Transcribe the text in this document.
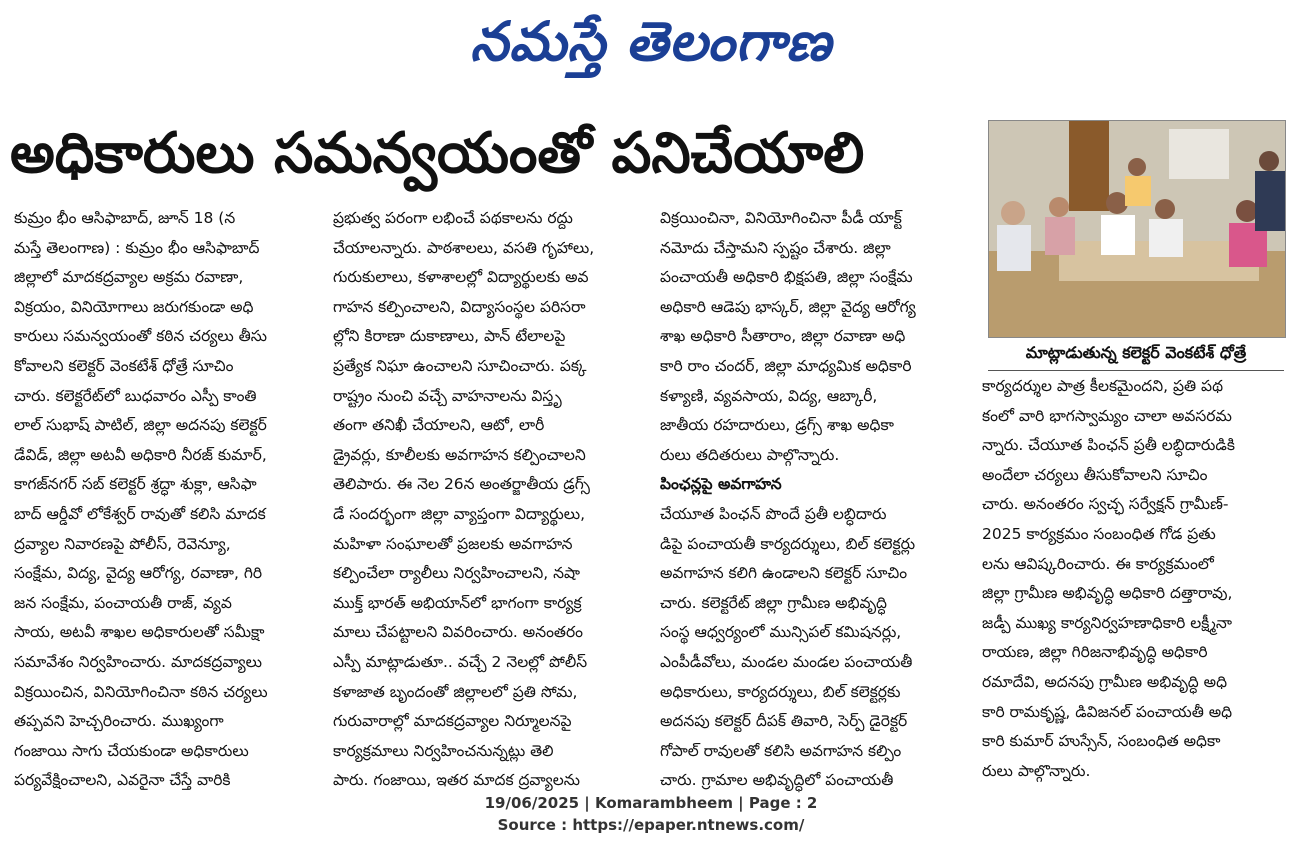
నమస్తే తెలంగాణ
అధికారులు సమన్వయంతో పనిచేయాలి
కుమ్రం భీం ఆసిఫాబాద్, జూన్ 18 (న
మస్తే తెలంగాణ) : కుమ్రం భీం ఆసిఫాబాద్
జిల్లాలో మాదకద్రవ్యాల అక్రమ రవాణా,
విక్రయం, వినియోగాలు జరుగకుండా అధి
కారులు సమన్వయంతో కఠిన చర్యలు తీసు
కోవాలని కలెక్టర్ వెంకటేశ్ ధోత్రే సూచిం
చారు. కలెక్టరేట్‌లో బుధవారం ఎస్పీ కాంతి
లాల్ సుభాష్ పాటిల్, జిల్లా అదనపు కలెక్టర్
డేవిడ్, జిల్లా అటవీ అధికారి నీరజ్ కుమార్,
కాగజ్‌నగర్ సబ్ కలెక్టర్ శ్రద్ధా శుక్లా, ఆసిఫా
బాద్ ఆర్డీవో లోకేశ్వర్ రావుతో కలిసి మాదక
ద్రవ్యాల నివారణపై పోలీస్, రెవెన్యూ,
సంక్షేమ, విద్య, వైద్య ఆరోగ్య, రవాణా, గిరి
జన సంక్షేమ, పంచాయతీ రాజ్, వ్యవ
సాయ, అటవీ శాఖల అధికారులతో సమీక్షా
సమావేశం నిర్వహించారు. మాదకద్రవ్యాలు
విక్రయించిన, వినియోగించినా కఠిన చర్యలు
తప్పవని హెచ్చరించారు. ముఖ్యంగా
గంజాయి సాగు చేయకుండా అధికారులు
పర్యవేక్షించాలని, ఎవరైనా చేస్తే వారికి
ప్రభుత్వ పరంగా లభించే పథకాలను రద్దు
చేయాలన్నారు. పాఠశాలలు, వసతి గృహాలు,
గురుకులాలు, కళాశాలల్లో విద్యార్థులకు అవ
గాహన కల్పించాలని, విద్యాసంస్థల పరిసరా
ల్లోని కిరాణా దుకాణాలు, పాన్ టేలాలపై
ప్రత్యేక నిఘా ఉంచాలని సూచించారు. పక్క
రాష్ట్రం నుంచి వచ్చే వాహనాలను విస్తృ
తంగా తనిఖీ చేయాలని, ఆటో, లారీ
డ్రైవర్లు, కూలీలకు అవగాహన కల్పించాలని
తెలిపారు. ఈ నెల 26న అంతర్జాతీయ డ్రగ్స్
డే సందర్భంగా జిల్లా వ్యాప్తంగా విద్యార్థులు,
మహిళా సంఘాలతో ప్రజలకు అవగాహన
కల్పించేలా ర్యాలీలు నిర్వహించాలని, నషా
ముక్త్ భారత్ అభియాన్‌లో భాగంగా కార్యక్ర
మాలు చేపట్టాలని వివరించారు. అనంతరం
ఎస్పీ మాట్లాడుతూ.. వచ్చే 2 నెలల్లో పోలీస్
కళాజాత బృందంతో జిల్లాలలో ప్రతి సోమ,
గురువారాల్లో మాదకద్రవ్యాల నిర్మూలనపై
కార్యక్రమాలు నిర్వహించనున్నట్లు తెలి
పారు. గంజాయి, ఇతర మాదక ద్రవ్యాలను
విక్రయించినా, వినియోగించినా పీడీ యాక్ట్
నమోదు చేస్తామని స్పష్టం చేశారు. జిల్లా
పంచాయతీ అధికారి భిక్షపతి, జిల్లా సంక్షేమ
అధికారి ఆడెపు భాస్కర్, జిల్లా వైద్య ఆరోగ్య
శాఖ అధికారి సీతారాం, జిల్లా రవాణా అధి
కారి రాం చందర్, జిల్లా మాధ్యమిక అధికారి
కళ్యాణి, వ్యవసాయ, విద్య, ఆబ్కారీ,
జాతీయ రహదారులు, డ్రగ్స్ శాఖ అధికా
రులు తదితరులు పాల్గొన్నారు.
పింఛన్లపై అవగాహన
చేయూత పింఛన్ పొందే ప్రతీ లబ్ధిదారు
డిపై పంచాయతీ కార్యదర్శులు, బిల్ కలెక్టర్లు
అవగాహన కలిగి ఉండాలని కలెక్టర్ సూచిం
చారు. కలెక్టరేట్ జిల్లా గ్రామీణ అభివృద్ధి
సంస్థ ఆధ్వర్యంలో మున్సిపల్ కమిషనర్లు,
ఎంపీడీవోలు, మండల మండల పంచాయతీ
అధికారులు, కార్యదర్శులు, బిల్ కలెక్టర్లకు
అదనపు కలెక్టర్ దీపక్ తివారి, సెర్ప్ డైరెక్టర్
గోపాల్ రావులతో కలిసి అవగాహన కల్పిం
చారు. గ్రామాల అభివృద్ధిలో పంచాయతీ
మాట్లాడుతున్న కలెక్టర్ వెంకటేశ్ ధోత్రే
కార్యదర్శుల పాత్ర కీలకమైందని, ప్రతి పథ
కంలో వారి భాగస్వామ్యం చాలా అవసరమ
న్నారు. చేయూత పింఛన్ ప్రతీ లబ్ధిదారుడికి
అందేలా చర్యలు తీసుకోవాలని సూచిం
చారు. అనంతరం స్వచ్ఛ సర్వేక్షన్ గ్రామీణ్-
2025 కార్యక్రమం సంబంధిత గోడ ప్రతు
లను ఆవిష్కరించారు. ఈ కార్యక్రమంలో
జిల్లా గ్రామీణ అభివృద్ధి అధికారి దత్తారావు,
జడ్పీ ముఖ్య కార్యనిర్వహణాధికారి లక్ష్మీనా
రాయణ, జిల్లా గిరిజనాభివృద్ధి అధికారి
రమాదేవి, అదనపు గ్రామీణ అభివృద్ధి అధి
కారి రామకృష్ణ, డివిజనల్ పంచాయతీ అధి
కారి కుమార్ హుస్సేన్, సంబంధిత అధికా
రులు పాల్గొన్నారు.
19/06/2025 | Komarambheem | Page : 2
Source : https://epaper.ntnews.com/
